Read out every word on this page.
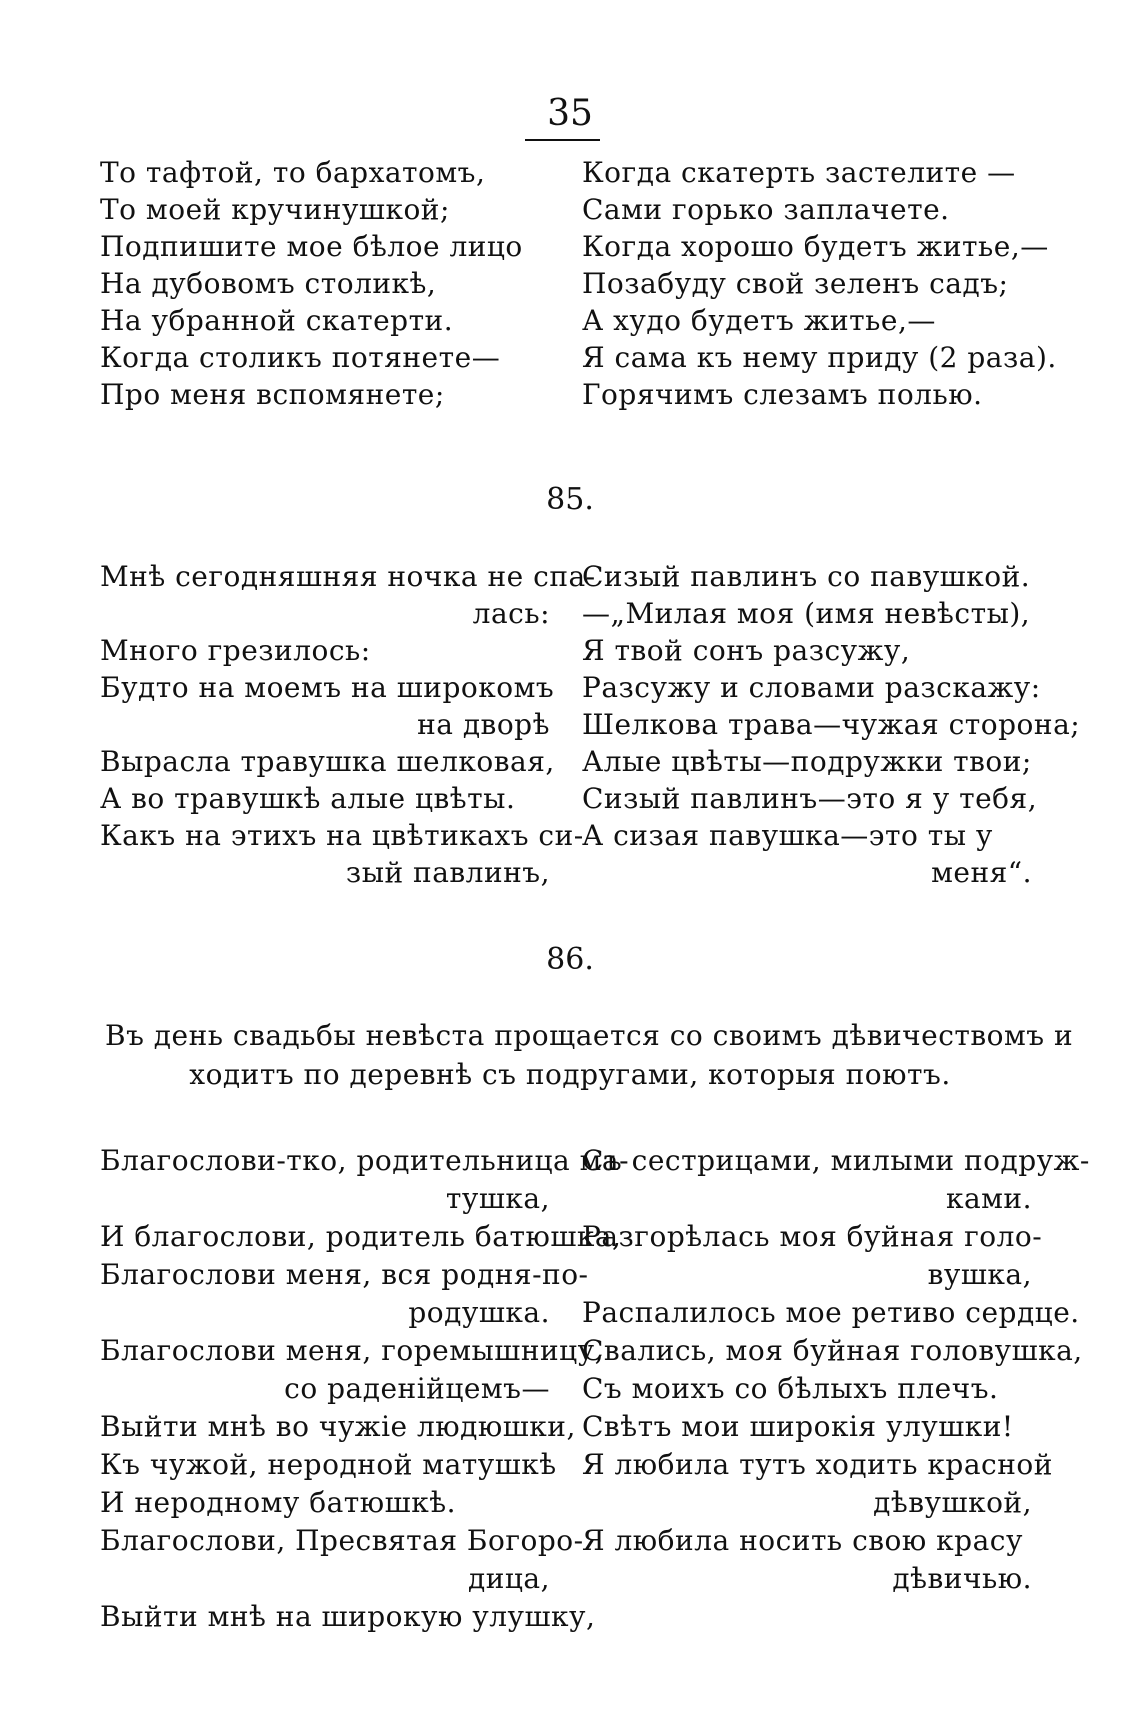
35
То тафтой, то бархатомъ,
То моей кручинушкой;
Подпишите мое бѣлое лицо
На дубовомъ столикѣ,
На убранной скатерти.
Когда столикъ потянете—
Про меня вспомянете;
Когда скатерть застелите —
Сами горько заплачете.
Когда хорошо будетъ житье,—
Позабуду свой зеленъ садъ;
А худо будетъ житье,—
Я сама къ нему приду (2 раза).
Горячимъ слезамъ полью.
85.
Мнѣ сегодняшняя ночка не спа-
лась:
Много грезилось:
Будто на моемъ на широкомъ
на дворѣ
Вырасла травушка шелковая,
А во травушкѣ алые цвѣты.
Какъ на этихъ на цвѣтикахъ си-
зый павлинъ,
Сизый павлинъ со павушкой.
—„Милая моя (имя невѣсты),
Я твой сонъ разсужу,
Разсужу и словами разскажу:
Шелкова трава—чужая сторона;
Алые цвѣты—подружки твои;
Сизый павлинъ—это я у тебя,
А сизая павушка—это ты у
меня“.
86.
Въ день свадьбы невѣста прощается со своимъ дѣвичествомъ и
ходитъ по деревнѣ съ подругами, которыя поютъ.
Благослови-тко, родительница ма-
тушка,
И благослови, родитель батюшка,
Благослови меня, вся родня-по-
родушка.
Благослови меня, горемышницу,
со раденійцемъ—
Выйти мнѣ во чужіе людюшки,
Къ чужой, неродной матушкѣ
И неродному батюшкѣ.
Благослови, Пресвятая Богоро-
дица,
Выйти мнѣ на широкую улушку,
Съ сестрицами, милыми подруж-
ками.
Разгорѣлась моя буйная голо-
вушка,
Распалилось мое ретиво сердце.
Свались, моя буйная головушка,
Съ моихъ со бѣлыхъ плечъ.
Свѣтъ мои широкія улушки!
Я любила тутъ ходить красной
дѣвушкой,
Я любила носить свою красу
дѣвичью.
